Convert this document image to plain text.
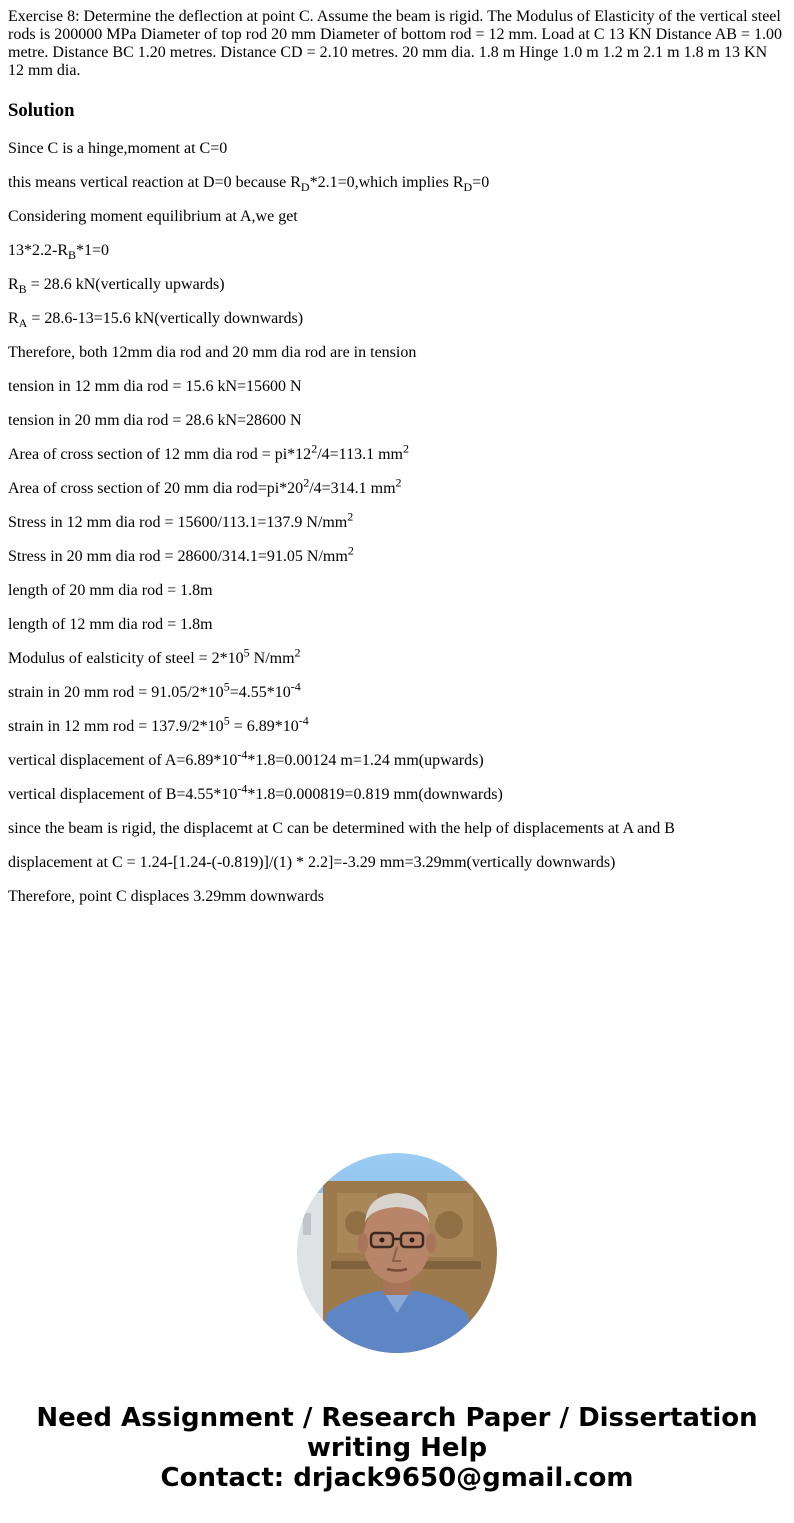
Exercise 8: Determine the deflection at point C. Assume the beam is rigid. The Modulus of Elasticity of the vertical steel rods is 200000 MPa Diameter of top rod 20 mm Diameter of bottom rod = 12 mm. Load at C 13 KN Distance AB = 1.00 metre. Distance BC 1.20 metres. Distance CD = 2.10 metres. 20 mm dia. 1.8 m Hinge 1.0 m 1.2 m 2.1 m 1.8 m 13 KN 12 mm dia.

Solution

Since C is a hinge,moment at C=0

this means vertical reaction at D=0 because $R_D*2.1=0,which$ implies $R_D=0$

Considering moment equilibrium at A,we get

$13*2.2-R_B*1=0$

$R_B = 28.6$ kN(vertically upwards)

$R_A = 28.6-13=15.6$ kN(vertically downwards)

Therefore, both 12mm dia rod and 20 mm dia rod are in tension

tension in 12 mm dia rod = 15.6 kN=15600 N

tension in 20 mm dia rod = 28.6 kN=28600 N

Area of cross section of 12 mm dia rod = $pi*12^2/4=113.1$ $mm^2$

Area of cross section of 20 mm dia $rod=pi*20^2/4=314.1$ $mm^2$

Stress in 12 mm dia rod = 15600/113.1=137.9 $N/mm^2$

Stress in 20 mm dia rod = 28600/314.1=91.05 $N/mm^2$

length of 20 mm dia rod = 1.8m

length of 12 mm dia rod = 1.8m

Modulus of ealsticity of steel = $2*10^5$ $N/mm^2$

strain in 20 mm rod = $91.05/2*10^5=4.55*10^{-4}$

strain in 12 mm rod = $137.9/2*10^5 = 6.89*10^{-4}$

vertical displacement of $A=6.89*10^{-4}*1.8=0.00124$ m=1.24 mm(upwards)

vertical displacement of $B=4.55*10^{-4}*1.8=0.000819=0.819$ mm(downwards)

since the beam is rigid, the displacemt at C can be determined with the help of displacements at A and B

displacement at C = 1.24-[1.24-(-0.819)]/(1) * 2.2]=-3.29 mm=3.29mm(vertically downwards)

Therefore, point C displaces 3.29mm downwards

Need Assignment / Research Paper / Dissertation
writing Help
Contact: drjack9650@gmail.com
